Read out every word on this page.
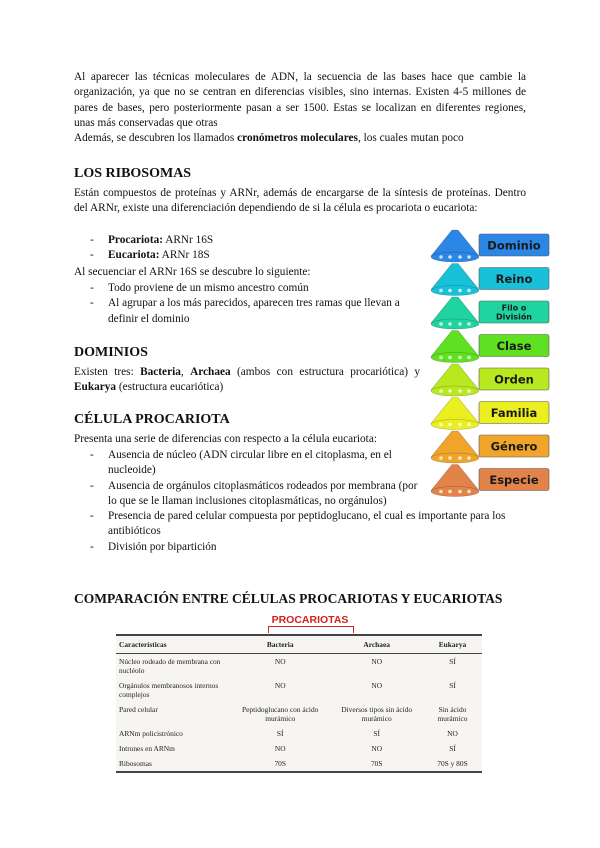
Al aparecer las técnicas moleculares de ADN, la secuencia de las bases hace que cambie la organización, ya que no se centran en diferencias visibles, sino internas. Existen 4-5 millones de pares de bases, pero posteriormente pasan a ser 1500. Estas se localizan en diferentes regiones, unas más conservadas que otras

Además, se descubren los llamados cronómetros moleculares, los cuales mutan poco

LOS RIBOSOMAS

Están compuestos de proteínas y ARNr, además de encargarse de la síntesis de proteínas. Dentro del ARNr, existe una diferenciación dependiendo de si la célula es procariota o eucariota:

- Procariota: ARNr 16S
- Eucariota: ARNr 18S

Al secuenciar el ARNr 16S se descubre lo siguiente:

- Todo proviene de un mismo ancestro común
- Al agrupar a los más parecidos, aparecen tres ramas que llevan a definir el dominio
DOMINIOS

Existen tres: Bacteria, Archaea (ambos con estructura procariótica) y Eukarya (estructura eucariótica)

CÉLULA PROCARIOTA

Presenta una serie de diferencias con respecto a la célula eucariota:

- Ausencia de núcleo (ADN circular libre en el citoplasma, en el nucleoide)
- Ausencia de orgánulos citoplasmáticos rodeados por membrana (por lo que se le llaman inclusiones citoplasmáticas, no orgánulos)
- Presencia de pared celular compuesta por peptidoglucano, el cual es importante para los antibióticos
- División por bipartición
Dominio
Reino
Filo o
División
Clase
Orden
Familia
Género
Especie
COMPARACIÓN ENTRE CÉLULAS PROCARIOTAS Y EUCARIOTAS
PROCARIOTAS
Características	Bacteria	Archaea	Eukarya
Núcleo rodeado de membrana con nucléolo	NO	NO	SÍ
Orgánulos membranosos internos complejos	NO	NO	SÍ
Pared celular	Peptidoglucano con ácido murámico	Diversos tipos sin ácido murámico	Sin ácido murámico
ARNm policistrónico	SÍ	SÍ	NO
Intrones en ARNm	NO	NO	SÍ
Ribosomas	70S	70S	70S y 80S
